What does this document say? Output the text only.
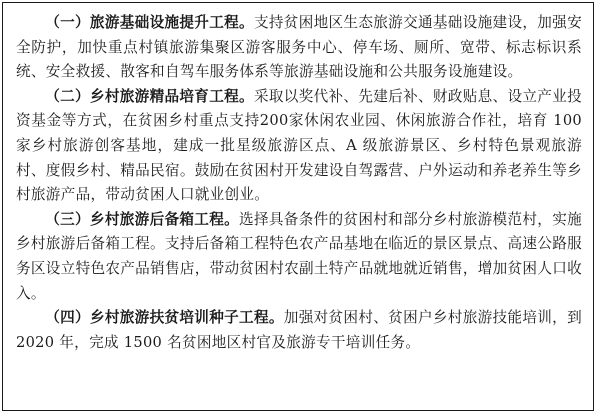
（一）旅游基础设施提升工程。支持贫困地区生态旅游交通基础设施建设，加强安全防护，加快重点村镇旅游集聚区游客服务中心、停车场、厕所、宽带、标志标识系统、安全救援、散客和自驾车服务体系等旅游基础设施和公共服务设施建设。

（二）乡村旅游精品培育工程。采取以奖代补、先建后补、财政贴息、设立产业投资基金等方式，在贫困乡村重点支持200家休闲农业园、休闲旅游合作社，培育 100家乡村旅游创客基地，建成一批星级旅游区点、A 级旅游景区、乡村特色景观旅游村、度假乡村、精品民宿。鼓励在贫困村开发建设自驾露营、户外运动和养老养生等乡村旅游产品，带动贫困人口就业创业。

（三）乡村旅游后备箱工程。选择具备条件的贫困村和部分乡村旅游模范村，实施乡村旅游后备箱工程。支持后备箱工程特色农产品基地在临近的景区景点、高速公路服务区设立特色农产品销售店，带动贫困村农副土特产品就地就近销售，增加贫困人口收入。

（四）乡村旅游扶贫培训种子工程。加强对贫困村、贫困户乡村旅游技能培训，到 2020 年，完成 1500 名贫困地区村官及旅游专干培训任务。
